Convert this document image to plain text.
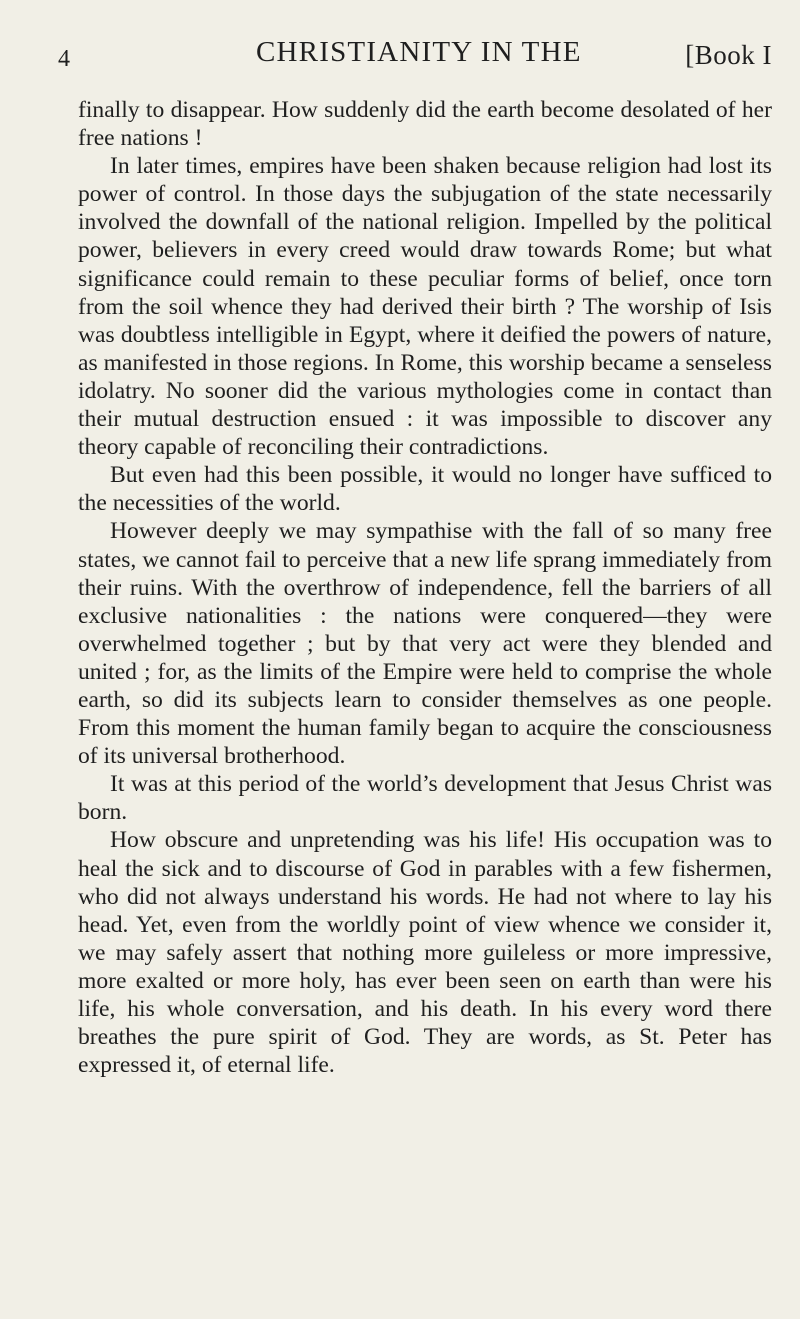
4	CHRISTIANITY IN THE	[Book I

finally to disappear. How suddenly did the earth become desolated of her free nations !

In later times, empires have been shaken because religion had lost its power of control. In those days the subjugation of the state necessarily involved the downfall of the national religion. Impelled by the political power, believers in every creed would draw towards Rome; but what significance could remain to these peculiar forms of belief, once torn from the soil whence they had derived their birth ? The worship of Isis was doubtless intelligible in Egypt, where it deified the powers of nature, as manifested in those regions. In Rome, this worship became a senseless idolatry. No sooner did the various mythologies come in contact than their mutual destruction ensued : it was impossible to discover any theory capable of reconciling their contradictions.

But even had this been possible, it would no longer have sufficed to the necessities of the world.

However deeply we may sympathise with the fall of so many free states, we cannot fail to perceive that a new life sprang immediately from their ruins. With the overthrow of independence, fell the barriers of all exclusive nationalities : the nations were conquered—they were overwhelmed together ; but by that very act were they blended and united ; for, as the limits of the Empire were held to comprise the whole earth, so did its subjects learn to consider themselves as one people. From this moment the human family began to acquire the consciousness of its universal brotherhood.

It was at this period of the world’s development that Jesus Christ was born.

How obscure and unpretending was his life! His occupation was to heal the sick and to discourse of God in parables with a few fishermen, who did not always understand his words. He had not where to lay his head. Yet, even from the worldly point of view whence we consider it, we may safely assert that nothing more guileless or more impressive, more exalted or more holy, has ever been seen on earth than were his life, his whole conversation, and his death. In his every word there breathes the pure spirit of God. They are words, as St. Peter has expressed it, of eternal life.
